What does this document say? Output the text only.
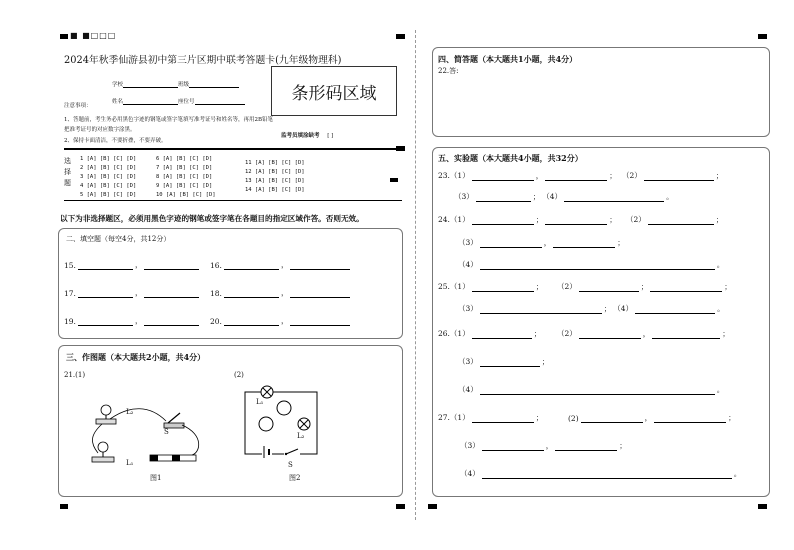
■ ■□□□
2024年秋季仙游县初中第三片区期中联考答题卡(九年级物理科)
学校	班级
姓名	座位号	条形码区域
注意事项：
1、答题前，考生务必用黑色字迹的钢笔或签字笔填写准考证号和姓名等，再用2B铅笔把准考证号的对应数字涂黑。
2、保持卡面清洁，不要折叠，不要弄破。
监考员填涂缺考 [ ]
选
择
题
1 [A] [B] [C] [D]
2 [A] [B] [C] [D]
3 [A] [B] [C] [D]
4 [A] [B] [C] [D]
5 [A] [B] [C] [D]
6 [A] [B] [C] [D]
7 [A] [B] [C] [D]
8 [A] [B] [C] [D]
9 [A] [B] [C] [D]
10 [A] [B] [C] [D]
11 [A] [B] [C] [D]
12 [A] [B] [C] [D]
13 [A] [B] [C] [D]
14 [A] [B] [C] [D]
以下为非选择题区，必须用黑色字迹的钢笔或签字笔在各题目的指定区域作答。否则无效。
二、填空题（每空4分，共12分）
15.	，	16.	，
17.	，	18.	，
19.	，	20.	，
三、作图题（本大题共2小题，共4分）
21.(1)	(2)
L₂
S
L₁
图1
L₁
L₂
S
图2
四、简答题（本大题共1小题，共4分）
22.答:
五、实验题（本大题共4小题，共32分）
23.（1）	，	； （2）	；
（3）	； （4）	。
24.（1）	；	； （2）	；
（3）	，	；
（4）	。
25.（1）	； （2）	；	；
（3）	； （4）	。
26.（1）	； （2）	，	；
（3）	；
（4）	。
27.（1）	；	(2)	，	；
（3）	，	；
（4）	。
